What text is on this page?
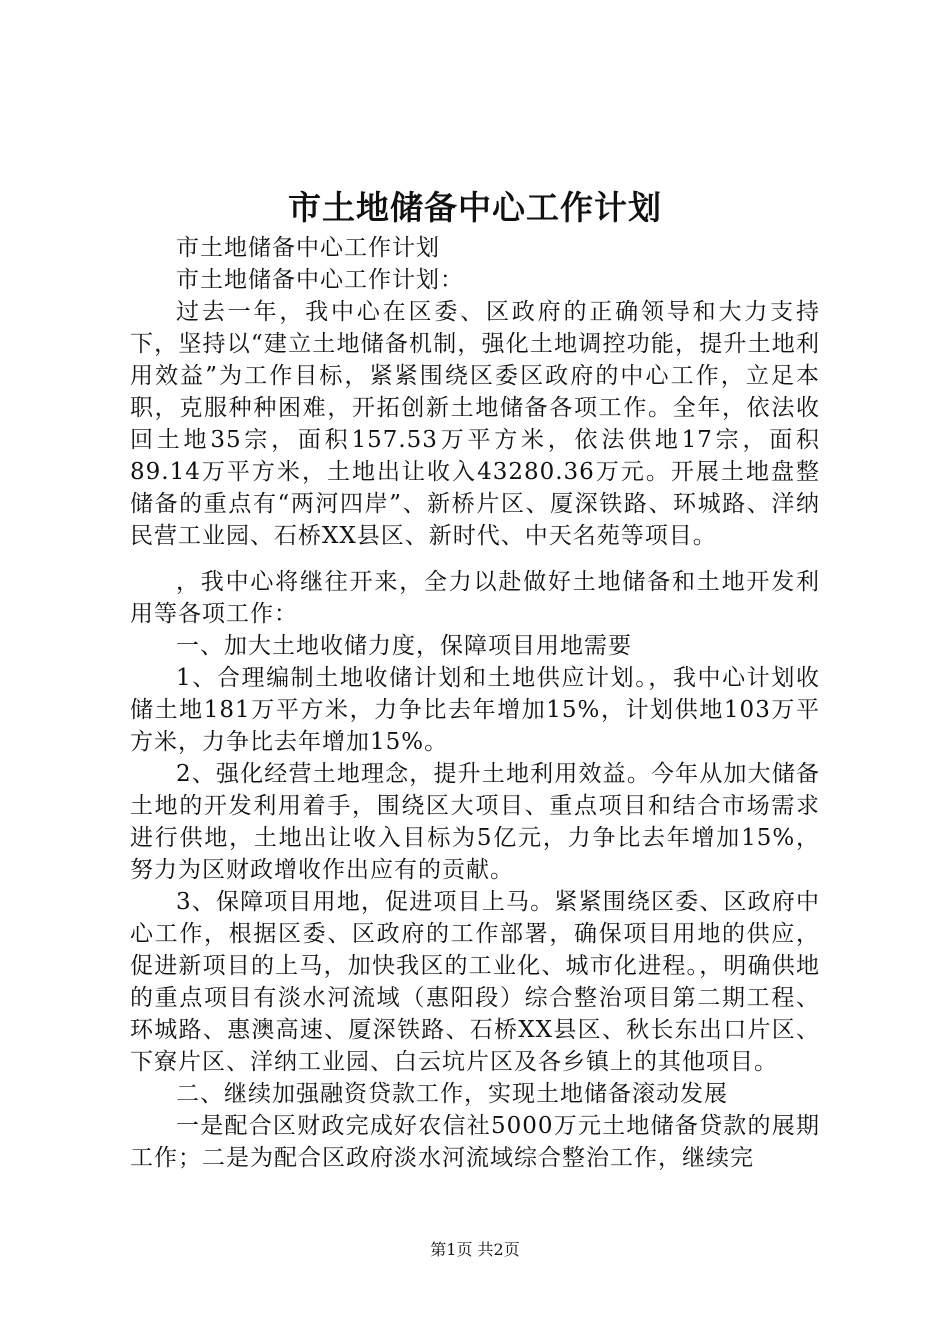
市土地储备中心工作计划

市土地储备中心工作计划

市土地储备中心工作计划：

过去一年，我中心在区委、区政府的正确领导和大力支持下，坚持以“建立土地储备机制，强化土地调控功能，提升土地利用效益”为工作目标，紧紧围绕区委区政府的中心工作，立足本职，克服种种困难，开拓创新土地储备各项工作。全年，依法收回土地35宗，面积157.53万平方米，依法供地17宗，面积89.14万平方米，土地出让收入43280.36万元。开展土地盘整储备的重点有“两河四岸”、新桥片区、厦深铁路、环城路、洋纳民营工业园、石桥XX县区、新时代、中天名苑等项目。

，我中心将继往开来，全力以赴做好土地储备和土地开发利用等各项工作：

一、加大土地收储力度，保障项目用地需要

1、合理编制土地收储计划和土地供应计划。，我中心计划收储土地181万平方米，力争比去年增加15%，计划供地103万平方米，力争比去年增加15%。

2、强化经营土地理念，提升土地利用效益。今年从加大储备土地的开发利用着手，围绕区大项目、重点项目和结合市场需求进行供地，土地出让收入目标为5亿元，力争比去年增加15%，努力为区财政增收作出应有的贡献。

3、保障项目用地，促进项目上马。紧紧围绕区委、区政府中心工作，根据区委、区政府的工作部署，确保项目用地的供应，促进新项目的上马，加快我区的工业化、城市化进程。，明确供地的重点项目有淡水河流域（惠阳段）综合整治项目第二期工程、环城路、惠澳高速、厦深铁路、石桥XX县区、秋长东出口片区、下寮片区、洋纳工业园、白云坑片区及各乡镇上的其他项目。

二、继续加强融资贷款工作，实现土地储备滚动发展

一是配合区财政完成好农信社5000万元土地储备贷款的展期工作；二是为配合区政府淡水河流域综合整治工作，继续完

第1页 共2页
